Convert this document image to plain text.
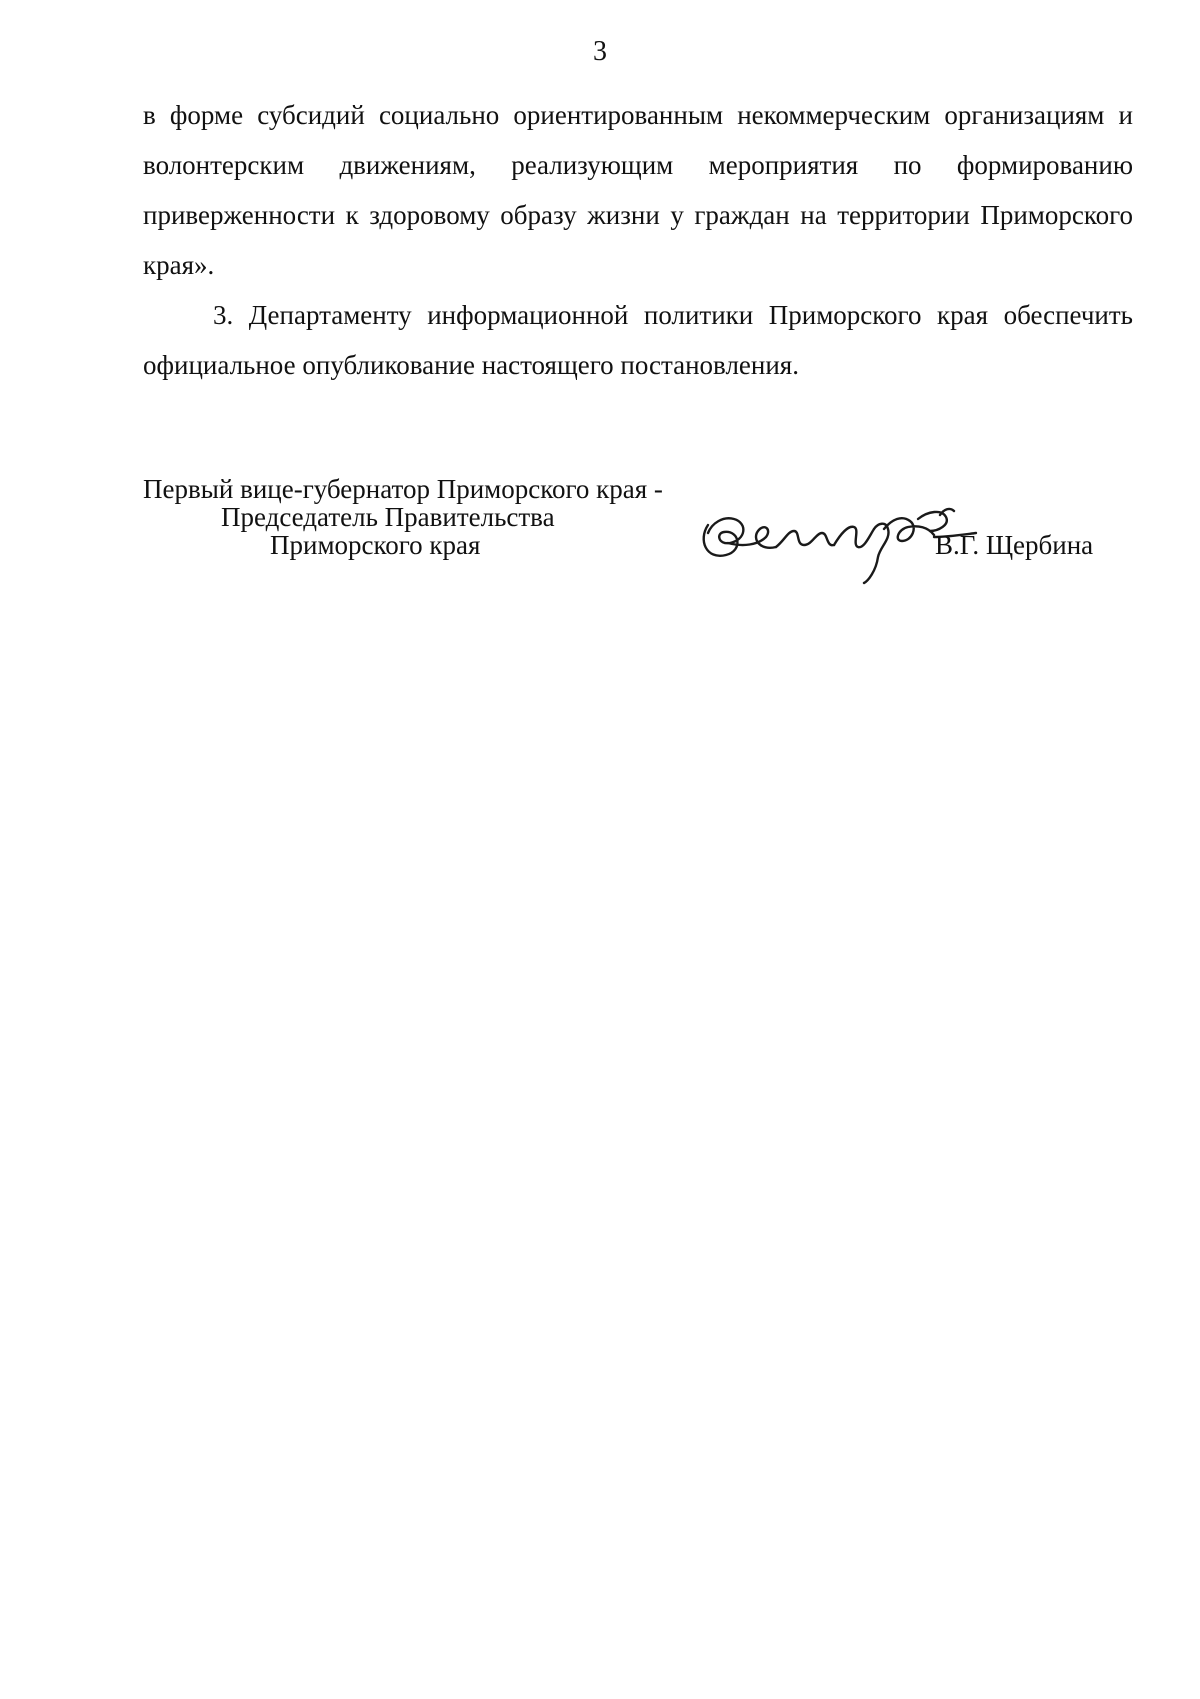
3

в форме субсидий социально ориентированным некоммерческим организациям и волонтерским движениям, реализующим мероприятия по формированию приверженности к здоровому образу жизни у граждан на территории Приморского края».

3. Департаменту информационной политики Приморского края обеспечить официальное опубликование настоящего постановления.

Первый вице-губернатор Приморского края -
Председатель Правительства
Приморского края	В.Г. Щербина
